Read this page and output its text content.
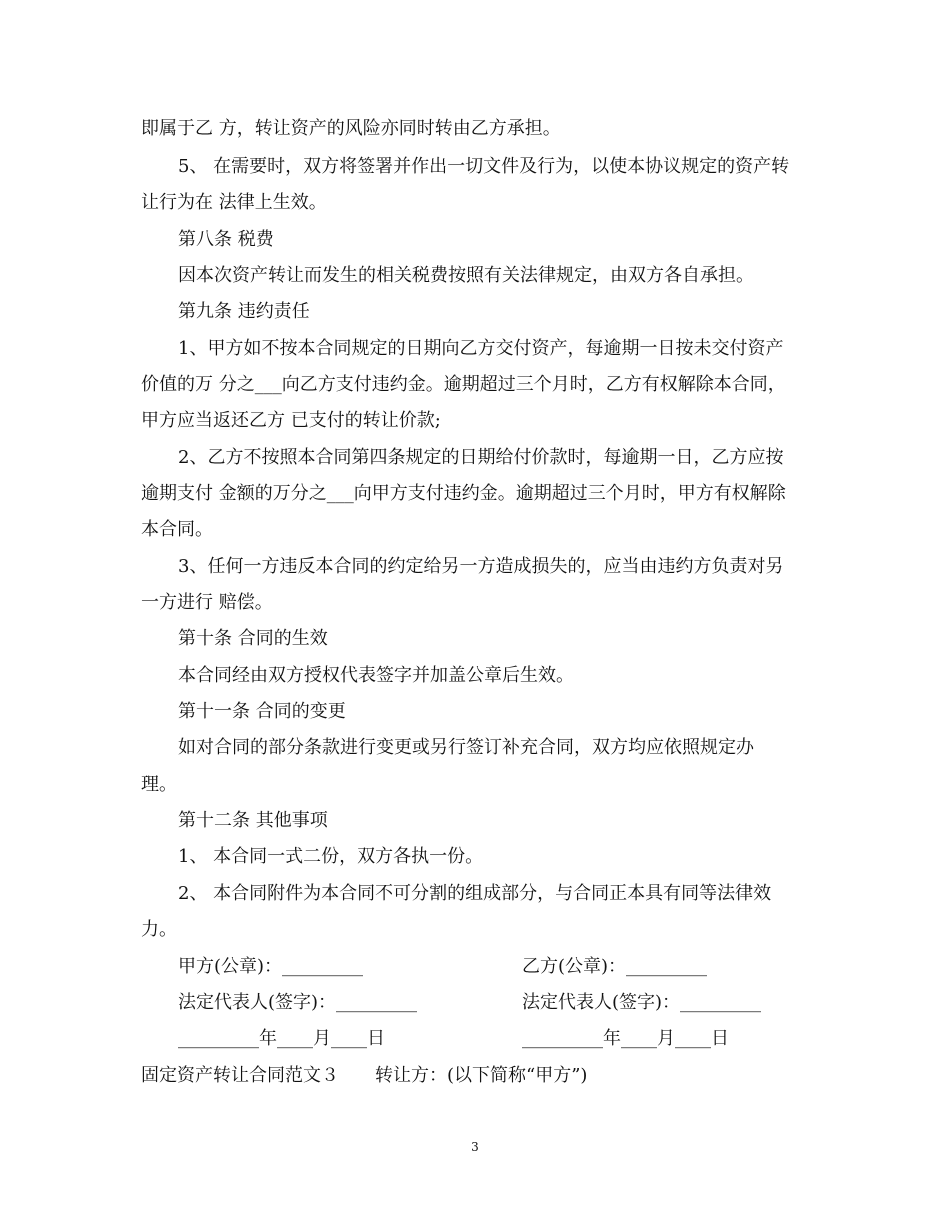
即属于乙 方，转让资产的风险亦同时转由乙方承担。
5、 在需要时，双方将签署并作出一切文件及行为，以使本协议规定的资产转
让行为在 法律上生效。
第八条 税费
因本次资产转让而发生的相关税费按照有关法律规定，由双方各自承担。
第九条 违约责任
1、甲方如不按本合同规定的日期向乙方交付资产，每逾期一日按未交付资产
价值的万 分之___向乙方支付违约金。逾期超过三个月时，乙方有权解除本合同，
甲方应当返还乙方 已支付的转让价款;
2、乙方不按照本合同第四条规定的日期给付价款时，每逾期一日，乙方应按
逾期支付 金额的万分之___向甲方支付违约金。逾期超过三个月时，甲方有权解除
本合同。
3、任何一方违反本合同的约定给另一方造成损失的，应当由违约方负责对另
一方进行 赔偿。
第十条 合同的生效
本合同经由双方授权代表签字并加盖公章后生效。
第十一条 合同的变更
如对合同的部分条款进行变更或另行签订补充合同，双方均应依照规定办
理。
第十二条 其他事项
1、 本合同一式二份，双方各执一份。
2、 本合同附件为本合同不可分割的组成部分，与合同正本具有同等法律效
力。
甲方(公章)：_________	乙方(公章)：_________
法定代表人(签字)：_________	法定代表人(签字)：_________
_________年____月____日	_________年____月____日
固定资产转让合同范文３　　转让方：(以下简称“甲方”)
3
